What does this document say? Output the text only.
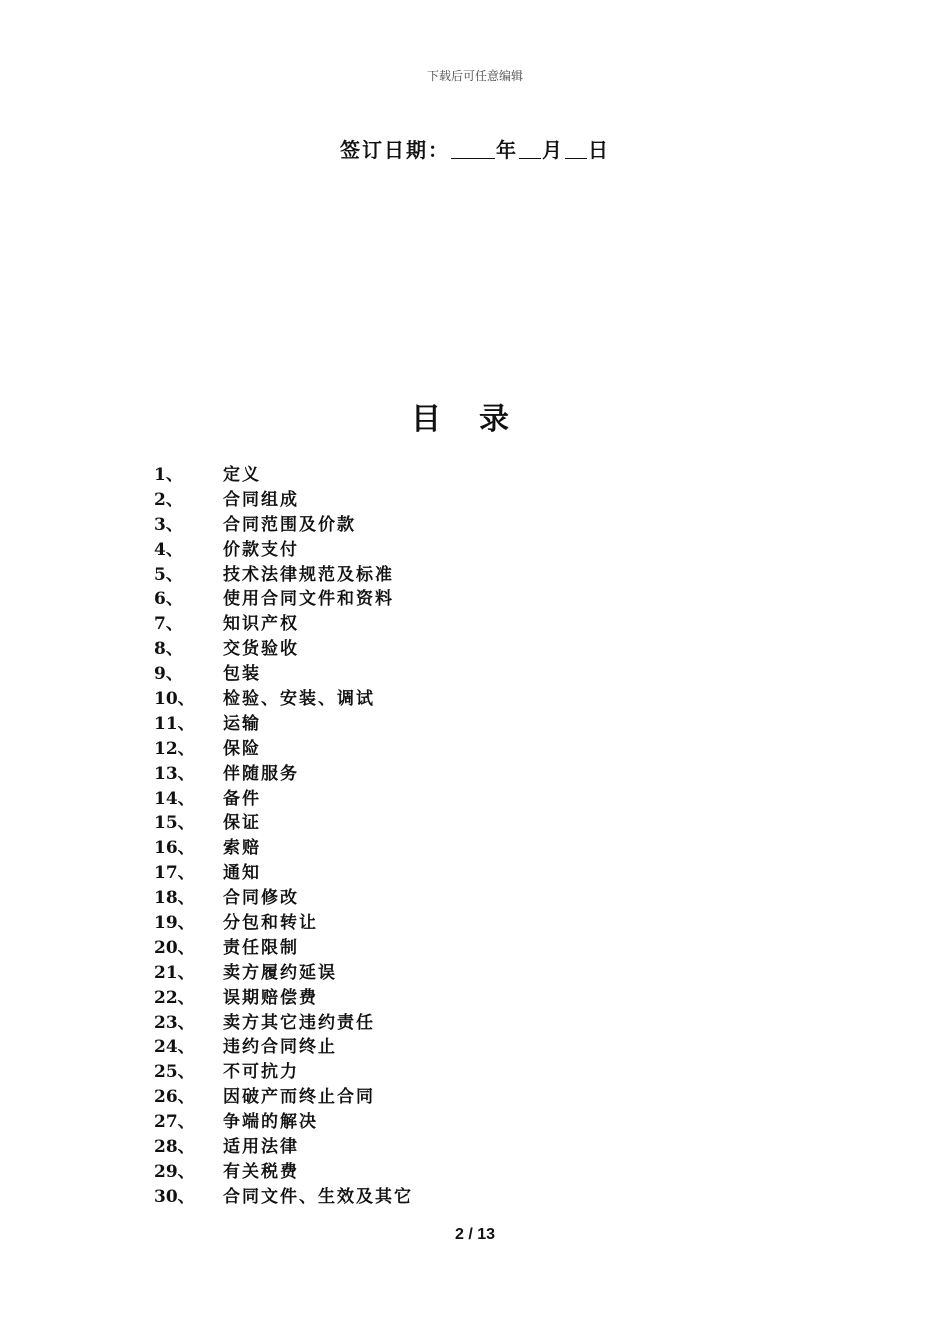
下载后可任意编辑
签订日期： 年 月 日
目录
1、 定义
2、 合同组成
3、 合同范围及价款
4、 价款支付
5、 技术法律规范及标准
6、 使用合同文件和资料
7、 知识产权
8、 交货验收
9、 包装
10、 检验、安装、调试
11、 运输
12、 保险
13、 伴随服务
14、 备件
15、 保证
16、 索赔
17、 通知
18、 合同修改
19、 分包和转让
20、 责任限制
21、 卖方履约延误
22、 误期赔偿费
23、 卖方其它违约责任
24、 违约合同终止
25、 不可抗力
26、 因破产而终止合同
27、 争端的解决
28、 适用法律
29、 有关税费
30、 合同文件、生效及其它
2 / 13
